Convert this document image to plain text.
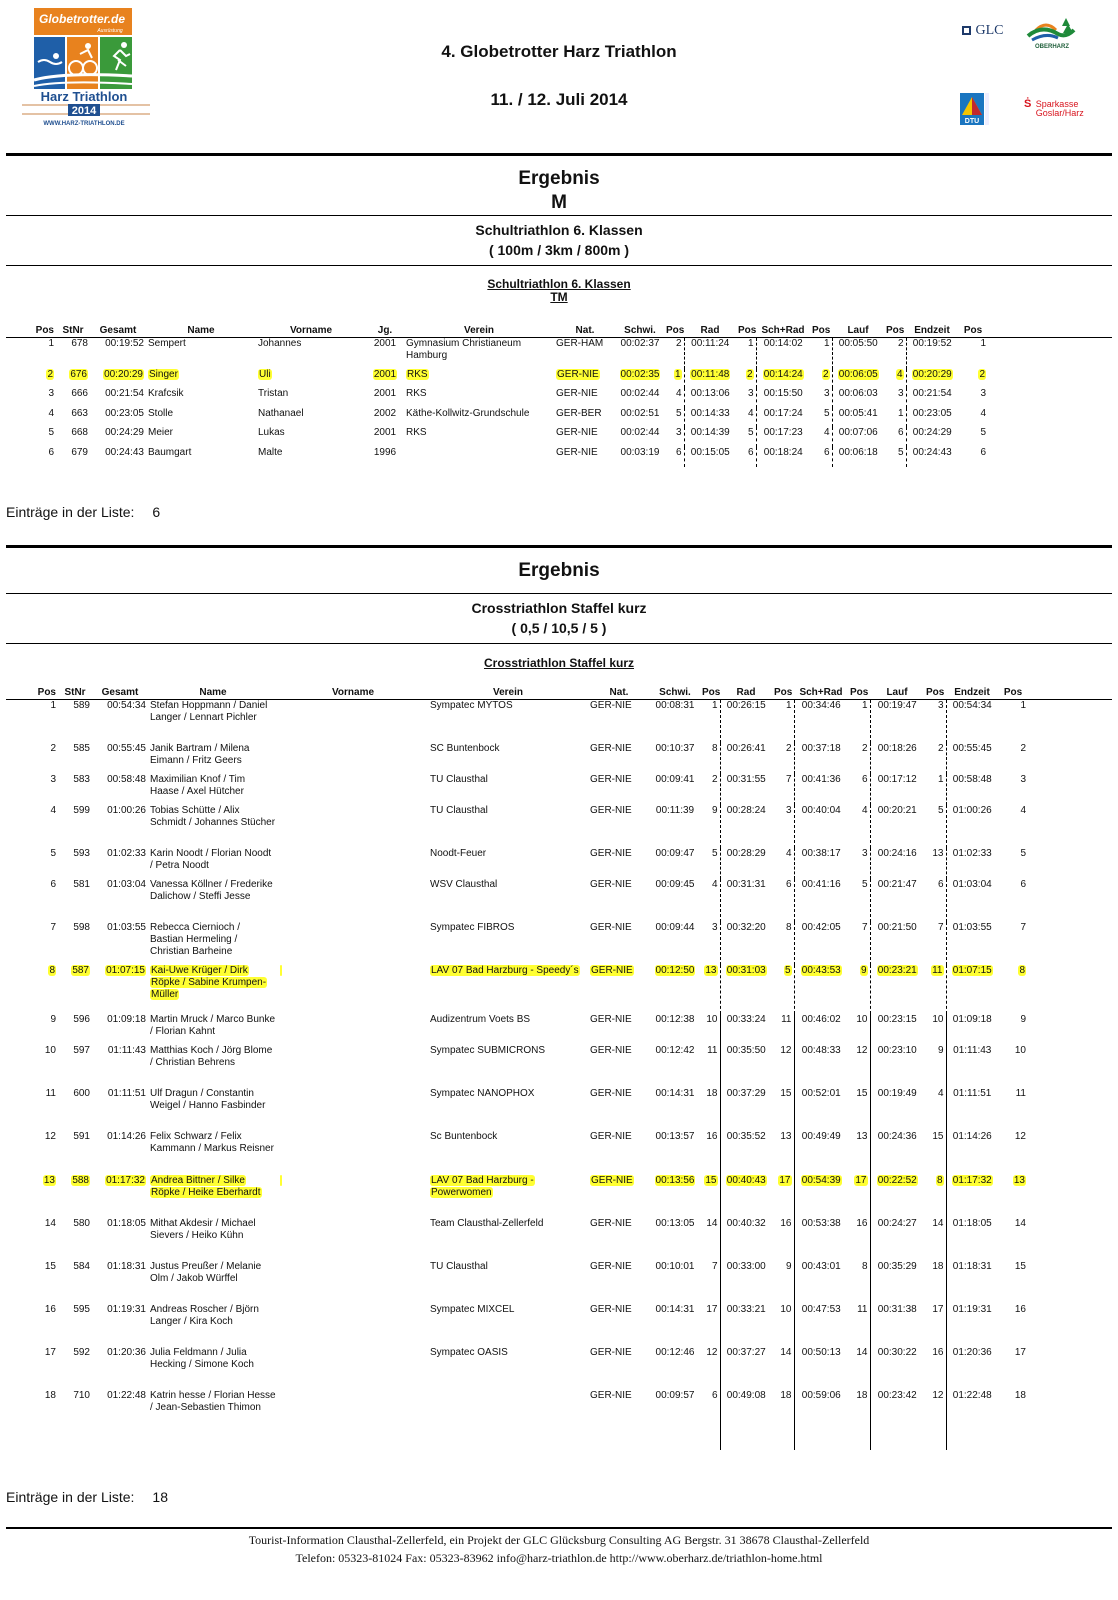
Globetrotter.de
Ausrüstung
Harz Triathlon
2014
WWW.HARZ-TRIATHLON.DE
4. Globetrotter Harz Triathlon
11. / 12. Juli 2014
GLC
OBERHARZ
DTU
$^Ṡ$ Sparkasse
Goslar/Harz
Ergebnis
M
Schultriathlon 6. Klassen
( 100m / 3km / 800m )
Schultriathlon 6. Klassen
TM
Pos	StNr	Gesamt	Name	Vorname	Jg.	Verein	Nat.	Schwi.	Pos	Rad	Pos	Sch+Rad	Pos	Lauf	Pos	Endzeit	Pos	
1	678	00:19:52	Sempert	Johannes	2001	Gymnasium Christianeum Hamburg	GER-HAM	00:02:37	2	00:11:24	1	00:14:02	1	00:05:50	2	00:19:52	1	
2	676	00:20:29	Singer	Uli	2001	RKS	GER-NIE	00:02:35	1	00:11:48	2	00:14:24	2	00:06:05	4	00:20:29	2	
3	666	00:21:54	Krafcsik	Tristan	2001	RKS	GER-NIE	00:02:44	4	00:13:06	3	00:15:50	3	00:06:03	3	00:21:54	3	
4	663	00:23:05	Stolle	Nathanael	2002	Käthe-Kollwitz-Grundschule	GER-BER	00:02:51	5	00:14:33	4	00:17:24	5	00:05:41	1	00:23:05	4	
5	668	00:24:29	Meier	Lukas	2001	RKS	GER-NIE	00:02:44	3	00:14:39	5	00:17:23	4	00:07:06	6	00:24:29	5	
6	679	00:24:43	Baumgart	Malte	1996		GER-NIE	00:03:19	6	00:15:05	6	00:18:24	6	00:06:18	5	00:24:43	6	
Einträge in der Liste: 6
Ergebnis
Crosstriathlon Staffel kurz
( 0,5 / 10,5 / 5 )
Crosstriathlon Staffel kurz
Pos	StNr	Gesamt	Name	Vorname	Verein	Nat.	Schwi.	Pos	Rad	Pos	Sch+Rad	Pos	Lauf	Pos	Endzeit	Pos	
1	589	00:54:34	Stefan Hoppmann / Daniel Langer / Lennart Pichler		Sympatec MYTOS	GER-NIE	00:08:31	1	00:26:15	1	00:34:46	1	00:19:47	3	00:54:34	1	
2	585	00:55:45	Janik Bartram / Milena Eimann / Fritz Geers		SC Buntenbock	GER-NIE	00:10:37	8	00:26:41	2	00:37:18	2	00:18:26	2	00:55:45	2	
3	583	00:58:48	Maximilian Knof / Tim Haase / Axel Hütcher		TU Clausthal	GER-NIE	00:09:41	2	00:31:55	7	00:41:36	6	00:17:12	1	00:58:48	3	
4	599	01:00:26	Tobias Schütte / Alix Schmidt / Johannes Stücher		TU Clausthal	GER-NIE	00:11:39	9	00:28:24	3	00:40:04	4	00:20:21	5	01:00:26	4	
5	593	01:02:33	Karin Noodt / Florian Noodt / Petra Noodt		Noodt-Feuer	GER-NIE	00:09:47	5	00:28:29	4	00:38:17	3	00:24:16	13	01:02:33	5	
6	581	01:03:04	Vanessa Köllner / Frederike Dalichow / Steffi Jesse		WSV Clausthal	GER-NIE	00:09:45	4	00:31:31	6	00:41:16	5	00:21:47	6	01:03:04	6	
7	598	01:03:55	Rebecca Ciernioch / Bastian Hermeling / Christian Barheine		Sympatec FIBROS	GER-NIE	00:09:44	3	00:32:20	8	00:42:05	7	00:21:50	7	01:03:55	7	
8	587	01:07:15	Kai-Uwe Krüger / Dirk Röpke / Sabine Krumpen-Müller		LAV 07 Bad Harzburg - Speedy´s	GER-NIE	00:12:50	13	00:31:03	5	00:43:53	9	00:23:21	11	01:07:15	8	
9	596	01:09:18	Martin Mruck / Marco Bunke / Florian Kahnt		Audizentrum Voets BS	GER-NIE	00:12:38	10	00:33:24	11	00:46:02	10	00:23:15	10	01:09:18	9	
10	597	01:11:43	Matthias Koch / Jörg Blome / Christian Behrens		Sympatec SUBMICRONS	GER-NIE	00:12:42	11	00:35:50	12	00:48:33	12	00:23:10	9	01:11:43	10	
11	600	01:11:51	Ulf Dragun / Constantin Weigel / Hanno Fasbinder		Sympatec NANOPHOX	GER-NIE	00:14:31	18	00:37:29	15	00:52:01	15	00:19:49	4	01:11:51	11	
12	591	01:14:26	Felix Schwarz / Felix Kammann / Markus Reisner		Sc Buntenbock	GER-NIE	00:13:57	16	00:35:52	13	00:49:49	13	00:24:36	15	01:14:26	12	
13	588	01:17:32	Andrea Bittner / Silke Röpke / Heike Eberhardt		LAV 07 Bad Harzburg - Powerwomen	GER-NIE	00:13:56	15	00:40:43	17	00:54:39	17	00:22:52	8	01:17:32	13	
14	580	01:18:05	Mithat Akdesir / Michael Sievers / Heiko Kühn		Team Clausthal-Zellerfeld	GER-NIE	00:13:05	14	00:40:32	16	00:53:38	16	00:24:27	14	01:18:05	14	
15	584	01:18:31	Justus Preußer / Melanie Olm / Jakob Würffel		TU Clausthal	GER-NIE	00:10:01	7	00:33:00	9	00:43:01	8	00:35:29	18	01:18:31	15	
16	595	01:19:31	Andreas Roscher / Björn Langer / Kira Koch		Sympatec MIXCEL	GER-NIE	00:14:31	17	00:33:21	10	00:47:53	11	00:31:38	17	01:19:31	16	
17	592	01:20:36	Julia Feldmann / Julia Hecking / Simone Koch		Sympatec OASIS	GER-NIE	00:12:46	12	00:37:27	14	00:50:13	14	00:30:22	16	01:20:36	17	
18	710	01:22:48	Katrin hesse / Florian Hesse / Jean-Sebastien Thimon			GER-NIE	00:09:57	6	00:49:08	18	00:59:06	18	00:23:42	12	01:22:48	18	
Einträge in der Liste: 18
Tourist-Information Clausthal-Zellerfeld, ein Projekt der GLC Glücksburg Consulting AG Bergstr. 31 38678 Clausthal-Zellerfeld
Telefon: 05323-81024 Fax: 05323-83962 info@harz-triathlon.de http://www.oberharz.de/triathlon-home.html
